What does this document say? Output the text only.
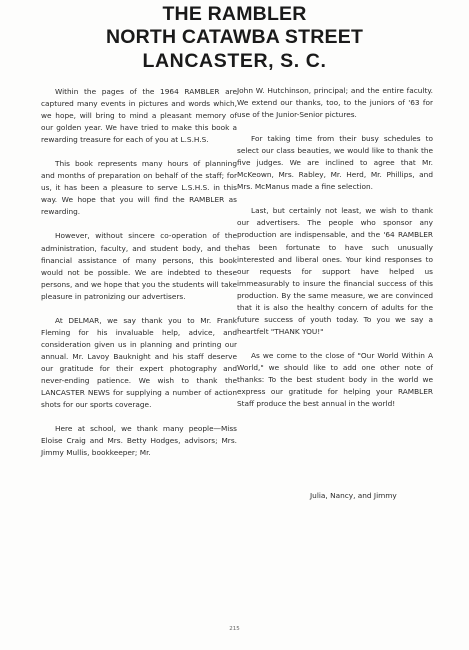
THE RAMBLER
NORTH CATAWBA STREET
LANCASTER, S. C.

Within the pages of the 1964 RAMBLER are captured many events in pictures and words which, we hope, will bring to mind a pleasant memory of our golden year. We have tried to make this book a rewarding treasure for each of you at L.S.H.S.

This book represents many hours of planning and months of preparation on behalf of the staff; for us, it has been a pleasure to serve L.S.H.S. in this way. We hope that you will find the RAMBLER as rewarding.

However, without sincere co-operation of the administration, faculty, and student body, and the financial assistance of many persons, this book would not be possible. We are indebted to these persons, and we hope that you the students will take pleasure in patronizing our advertisers.

At DELMAR, we say thank you to Mr. Frank Fleming for his invaluable help, advice, and consideration given us in planning and printing our annual. Mr. Lavoy Bauknight and his staff deserve our gratitude for their expert photography and never-ending patience. We wish to thank the LANCASTER NEWS for supplying a number of action shots for our sports coverage.

Here at school, we thank many people—Miss Eloise Craig and Mrs. Betty Hodges, advisors; Mrs. Jimmy Mullis, bookkeeper; Mr.

John W. Hutchinson, principal; and the entire faculty. We extend our thanks, too, to the juniors of '63 for use of the Junior-Senior pictures.

For taking time from their busy schedules to select our class beauties, we would like to thank the five judges. We are inclined to agree that Mr. McKeown, Mrs. Rabley, Mr. Herd, Mr. Phillips, and Mrs. McManus made a fine selection.

Last, but certainly not least, we wish to thank our advertisers. The people who sponsor any production are indispensable, and the '64 RAMBLER has been fortunate to have such unusually interested and liberal ones. Your kind responses to our requests for support have helped us immeasurably to insure the financial success of this production. By the same measure, we are convinced that it is also the healthy concern of adults for the future success of youth today. To you we say a heartfelt "THANK YOU!"

As we come to the close of "Our World Within A World," we should like to add one other note of thanks: To the best student body in the world we express our gratitude for helping your RAMBLER Staff produce the best annual in the world!

Julia, Nancy, and Jimmy
215
